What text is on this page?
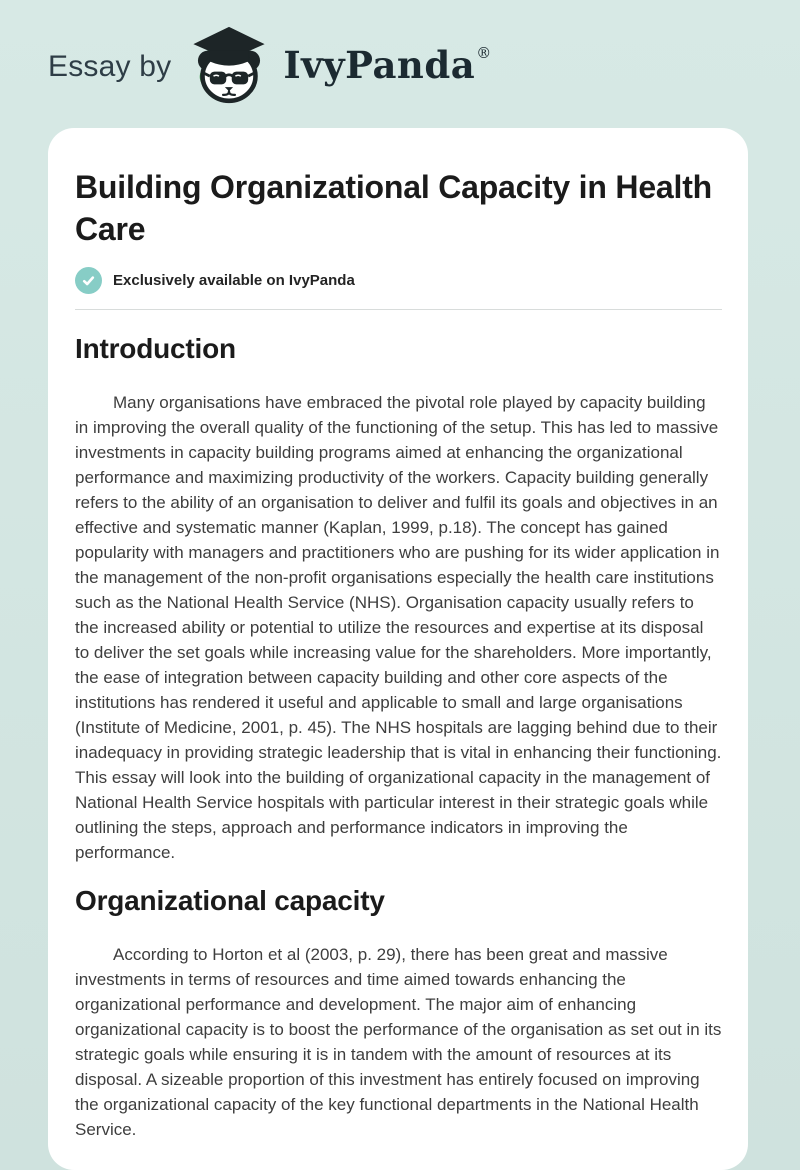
Essay by	IvyPanda®
Building Organizational Capacity in Health Care
Exclusively available on IvyPanda
Introduction

Many organisations have embraced the pivotal role played by capacity building in improving the overall quality of the functioning of the setup. This has led to massive investments in capacity building programs aimed at enhancing the organizational performance and maximizing productivity of the workers. Capacity building generally refers to the ability of an organisation to deliver and fulfil its goals and objectives in an effective and systematic manner (Kaplan, 1999, p.18). The concept has gained popularity with managers and practitioners who are pushing for its wider application in the management of the non-profit organisations especially the health care institutions such as the National Health Service (NHS). Organisation capacity usually refers to the increased ability or potential to utilize the resources and expertise at its disposal to deliver the set goals while increasing value for the shareholders. More importantly, the ease of integration between capacity building and other core aspects of the institutions has rendered it useful and applicable to small and large organisations (Institute of Medicine, 2001, p. 45). The NHS hospitals are lagging behind due to their inadequacy in providing strategic leadership that is vital in enhancing their functioning. This essay will look into the building of organizational capacity in the management of National Health Service hospitals with particular interest in their strategic goals while outlining the steps, approach and performance indicators in improving the performance.

Organizational capacity

According to Horton et al (2003, p. 29), there has been great and massive investments in terms of resources and time aimed towards enhancing the organizational performance and development. The major aim of enhancing organizational capacity is to boost the performance of the organisation as set out in its strategic goals while ensuring it is in tandem with the amount of resources at its disposal. A sizeable proportion of this investment has entirely focused on improving the organizational capacity of the key functional departments in the National Health Service.
